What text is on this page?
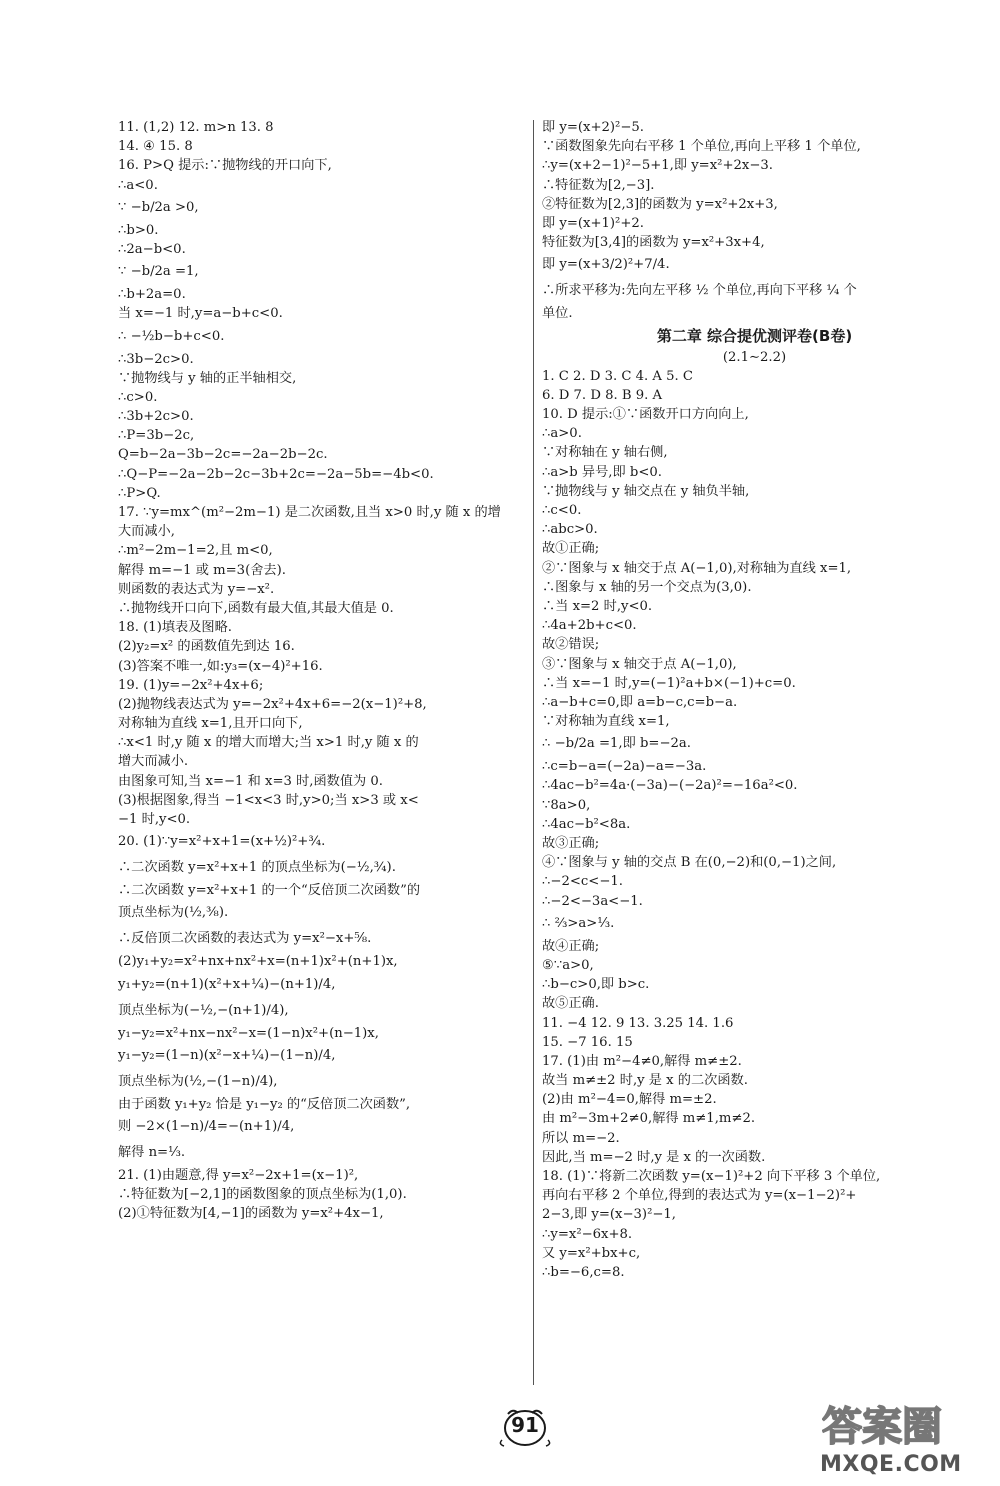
11. (1,2) 12. m>n 13. 8
14. ④ 15. 8
16. P>Q 提示:∵抛物线的开口向下,
∴a<0.
∵ −b/2a >0,
∴b>0.
∴2a−b<0.
∵ −b/2a =1,
∴b+2a=0.
当 x=−1 时,y=a−b+c<0.
∴ −½b−b+c<0.
∴3b−2c>0.
∵抛物线与 y 轴的正半轴相交,
∴c>0.
∴3b+2c>0.
∴P=3b−2c,
Q=b−2a−3b−2c=−2a−2b−2c.
∴Q−P=−2a−2b−2c−3b+2c=−2a−5b=−4b<0.
∴P>Q.
17. ∵y=mx^(m²−2m−1) 是二次函数,且当 x>0 时,y 随 x 的增
大而减小,
∴m²−2m−1=2,且 m<0,
解得 m=−1 或 m=3(舍去).
则函数的表达式为 y=−x².
∴抛物线开口向下,函数有最大值,其最大值是 0.
18. (1)填表及图略.
(2)y₂=x² 的函数值先到达 16.
(3)答案不唯一,如:y₃=(x−4)²+16.
19. (1)y=−2x²+4x+6;
(2)抛物线表达式为 y=−2x²+4x+6=−2(x−1)²+8,
对称轴为直线 x=1,且开口向下,
∴x<1 时,y 随 x 的增大而增大;当 x>1 时,y 随 x 的
增大而减小.
由图象可知,当 x=−1 和 x=3 时,函数值为 0.
(3)根据图象,得当 −1<x<3 时,y>0;当 x>3 或 x<
−1 时,y<0.
20. (1)∵y=x²+x+1=(x+½)²+¾.
∴二次函数 y=x²+x+1 的顶点坐标为(−½,¾).
∴二次函数 y=x²+x+1 的一个“反倍顶二次函数”的
顶点坐标为(½,⅜).
∴反倍顶二次函数的表达式为 y=x²−x+⅝.
(2)y₁+y₂=x²+nx+nx²+x=(n+1)x²+(n+1)x,
y₁+y₂=(n+1)(x²+x+¼)−(n+1)/4,
顶点坐标为(−½,−(n+1)/4),
y₁−y₂=x²+nx−nx²−x=(1−n)x²+(n−1)x,
y₁−y₂=(1−n)(x²−x+¼)−(1−n)/4,
顶点坐标为(½,−(1−n)/4),
由于函数 y₁+y₂ 恰是 y₁−y₂ 的“反倍顶二次函数”,
则 −2×(1−n)/4=−(n+1)/4,
解得 n=⅓.
21. (1)由题意,得 y=x²−2x+1=(x−1)²,
∴特征数为[−2,1]的函数图象的顶点坐标为(1,0).
(2)①特征数为[4,−1]的函数为 y=x²+4x−1,
即 y=(x+2)²−5.
∵函数图象先向右平移 1 个单位,再向上平移 1 个单位,
∴y=(x+2−1)²−5+1,即 y=x²+2x−3.
∴特征数为[2,−3].
②特征数为[2,3]的函数为 y=x²+2x+3,
即 y=(x+1)²+2.
特征数为[3,4]的函数为 y=x²+3x+4,
即 y=(x+3/2)²+7/4.
∴所求平移为:先向左平移 ½ 个单位,再向下平移 ¼ 个
单位.
第二章 综合提优测评卷(B卷)
(2.1∼2.2)
1. C 2. D 3. C 4. A 5. C
6. D 7. D 8. B 9. A
10. D 提示:①∵函数开口方向向上,
∴a>0.
∵对称轴在 y 轴右侧,
∴a>b 异号,即 b<0.
∵抛物线与 y 轴交点在 y 轴负半轴,
∴c<0.
∴abc>0.
故①正确;
②∵图象与 x 轴交于点 A(−1,0),对称轴为直线 x=1,
∴图象与 x 轴的另一个交点为(3,0).
∴当 x=2 时,y<0.
∴4a+2b+c<0.
故②错误;
③∵图象与 x 轴交于点 A(−1,0),
∴当 x=−1 时,y=(−1)²a+b×(−1)+c=0.
∴a−b+c=0,即 a=b−c,c=b−a.
∵对称轴为直线 x=1,
∴ −b/2a =1,即 b=−2a.
∴c=b−a=(−2a)−a=−3a.
∴4ac−b²=4a·(−3a)−(−2a)²=−16a²<0.
∵8a>0,
∴4ac−b²<8a.
故③正确;
④∵图象与 y 轴的交点 B 在(0,−2)和(0,−1)之间,
∴−2<c<−1.
∴−2<−3a<−1.
∴ ⅔>a>⅓.
故④正确;
⑤∵a>0,
∴b−c>0,即 b>c.
故⑤正确.
11. −4 12. 9 13. 3.25 14. 1.6
15. −7 16. 15
17. (1)由 m²−4≠0,解得 m≠±2.
故当 m≠±2 时,y 是 x 的二次函数.
(2)由 m²−4=0,解得 m=±2.
由 m²−3m+2≠0,解得 m≠1,m≠2.
所以 m=−2.
因此,当 m=−2 时,y 是 x 的一次函数.
18. (1)∵将新二次函数 y=(x−1)²+2 向下平移 3 个单位,
再向右平移 2 个单位,得到的表达式为 y=(x−1−2)²+
2−3,即 y=(x−3)²−1,
∴y=x²−6x+8.
又 y=x²+bx+c,
∴b=−6,c=8.
91	答案圈
MXQE.COM
